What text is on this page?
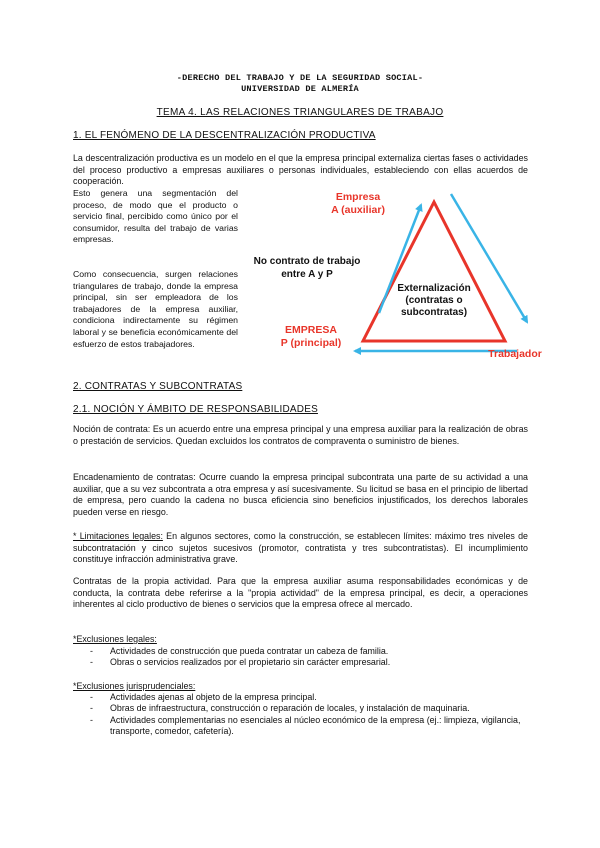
-DERECHO DEL TRABAJO Y DE LA SEGURIDAD SOCIAL-
UNIVERSIDAD DE ALMERÍA
TEMA 4. LAS RELACIONES TRIANGULARES DE TRABAJO
1. EL FENÓMENO DE LA DESCENTRALIZACIÓN PRODUCTIVA

La descentralización productiva es un modelo en el que la empresa principal externaliza ciertas fases o actividades del proceso productivo a empresas auxiliares o personas individuales, estableciendo con ellas acuerdos de cooperación.

Esto genera una segmentación del proceso, de modo que el producto o servicio final, percibido como único por el consumidor, resulta del trabajo de varias empresas.

Como consecuencia, surgen relaciones triangulares de trabajo, donde la empresa principal, sin ser empleadora de los trabajadores de la empresa auxiliar, condiciona indirectamente su régimen laboral y se beneficia económicamente del esfuerzo de estos trabajadores.

Empresa
A (auxiliar)
No contrato de trabajo
entre A y P
Externalización
(contratas o
subcontratas)
EMPRESA
P (principal)
Trabajador
2. CONTRATAS Y SUBCONTRATAS
2.1. NOCIÓN Y ÁMBITO DE RESPONSABILIDADES

Noción de contrata: Es un acuerdo entre una empresa principal y una empresa auxiliar para la realización de obras o prestación de servicios. Quedan excluidos los contratos de compraventa o suministro de bienes.

Encadenamiento de contratas: Ocurre cuando la empresa principal subcontrata una parte de su actividad a una auxiliar, que a su vez subcontrata a otra empresa y así sucesivamente. Su licitud se basa en el principio de libertad de empresa, pero cuando la cadena no busca eficiencia sino beneficios injustificados, los derechos laborales pueden verse en riesgo.

* Limitaciones legales: En algunos sectores, como la construcción, se establecen límites: máximo tres niveles de subcontratación y cinco sujetos sucesivos (promotor, contratista y tres subcontratistas). El incumplimiento constituye infracción administrativa grave.

Contratas de la propia actividad. Para que la empresa auxiliar asuma responsabilidades económicas y de conducta, la contrata debe referirse a la "propia actividad" de la empresa principal, es decir, a operaciones inherentes al ciclo productivo de bienes o servicios que la empresa ofrece al mercado.

*Exclusiones legales:
- Actividades de construcción que pueda contratar un cabeza de familia.
- Obras o servicios realizados por el propietario sin carácter empresarial.
*Exclusiones jurisprudenciales:
- Actividades ajenas al objeto de la empresa principal.
- Obras de infraestructura, construcción o reparación de locales, y instalación de maquinaria.
- Actividades complementarias no esenciales al núcleo económico de la empresa (ej.: limpieza, vigilancia, transporte, comedor, cafetería).
